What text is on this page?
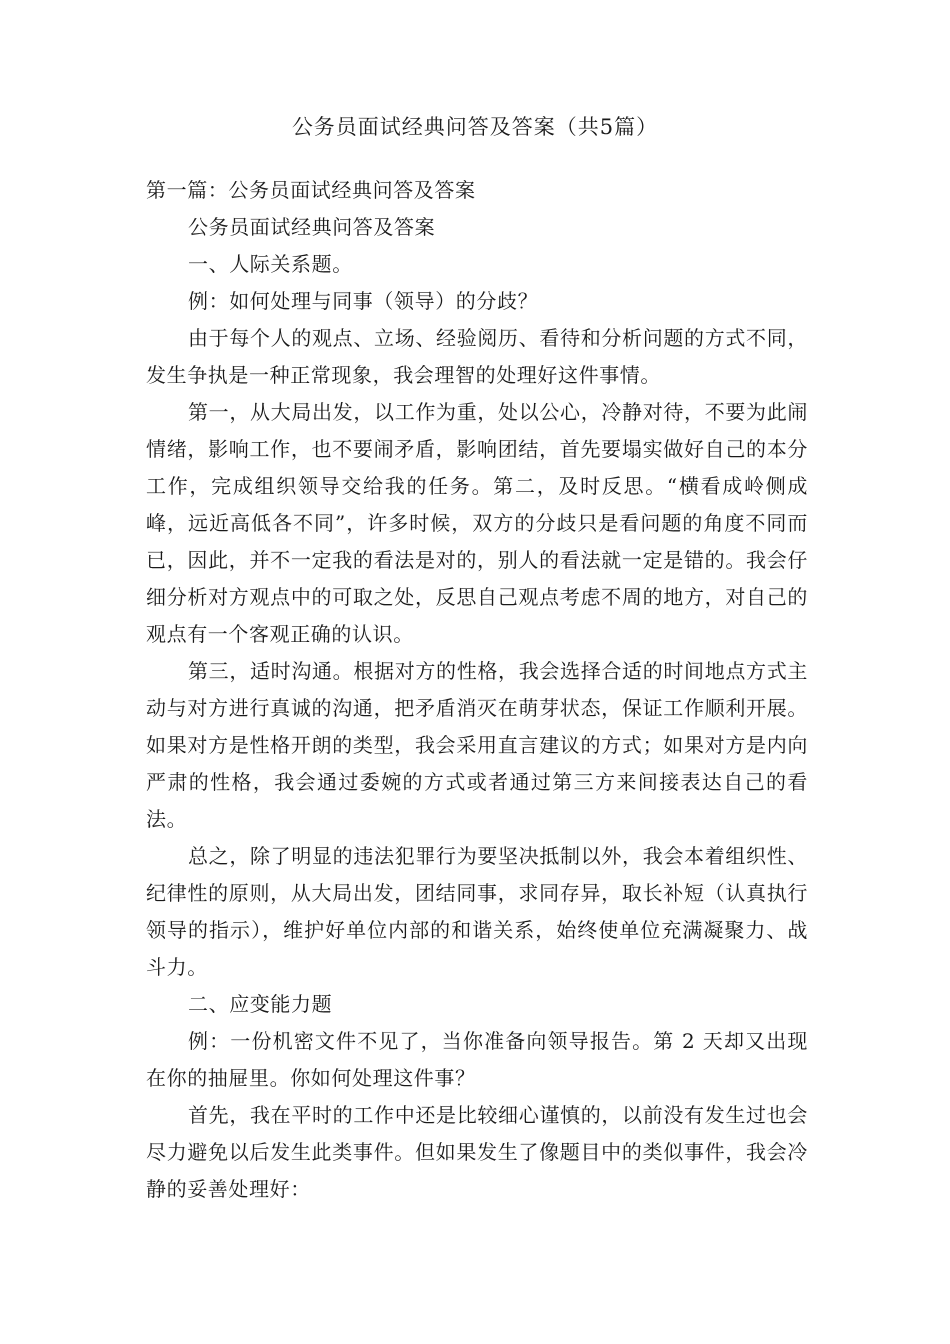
公务员面试经典问答及答案（共5篇）

第一篇：公务员面试经典问答及答案

公务员面试经典问答及答案

一、人际关系题。

例：如何处理与同事（领导）的分歧？

由于每个人的观点、立场、经验阅历、看待和分析问题的方式不同，发生争执是一种正常现象，我会理智的处理好这件事情。

第一，从大局出发，以工作为重，处以公心，冷静对待，不要为此闹情绪，影响工作，也不要闹矛盾，影响团结，首先要塌实做好自己的本分工作，完成组织领导交给我的任务。第二，及时反思。“横看成岭侧成峰，远近高低各不同”，许多时候，双方的分歧只是看问题的角度不同而已，因此，并不一定我的看法是对的，别人的看法就一定是错的。我会仔细分析对方观点中的可取之处，反思自己观点考虑不周的地方，对自己的观点有一个客观正确的认识。

第三，适时沟通。根据对方的性格，我会选择合适的时间地点方式主动与对方进行真诚的沟通，把矛盾消灭在萌芽状态，保证工作顺利开展。如果对方是性格开朗的类型，我会采用直言建议的方式；如果对方是内向严肃的性格，我会通过委婉的方式或者通过第三方来间接表达自己的看法。

总之，除了明显的违法犯罪行为要坚决抵制以外，我会本着组织性、纪律性的原则，从大局出发，团结同事，求同存异，取长补短（认真执行领导的指示），维护好单位内部的和谐关系，始终使单位充满凝聚力、战斗力。

二、应变能力题

例：一份机密文件不见了，当你准备向领导报告。第 2 天却又出现在你的抽屉里。你如何处理这件事？

首先，我在平时的工作中还是比较细心谨慎的，以前没有发生过也会尽力避免以后发生此类事件。但如果发生了像题目中的类似事件，我会冷静的妥善处理好：
